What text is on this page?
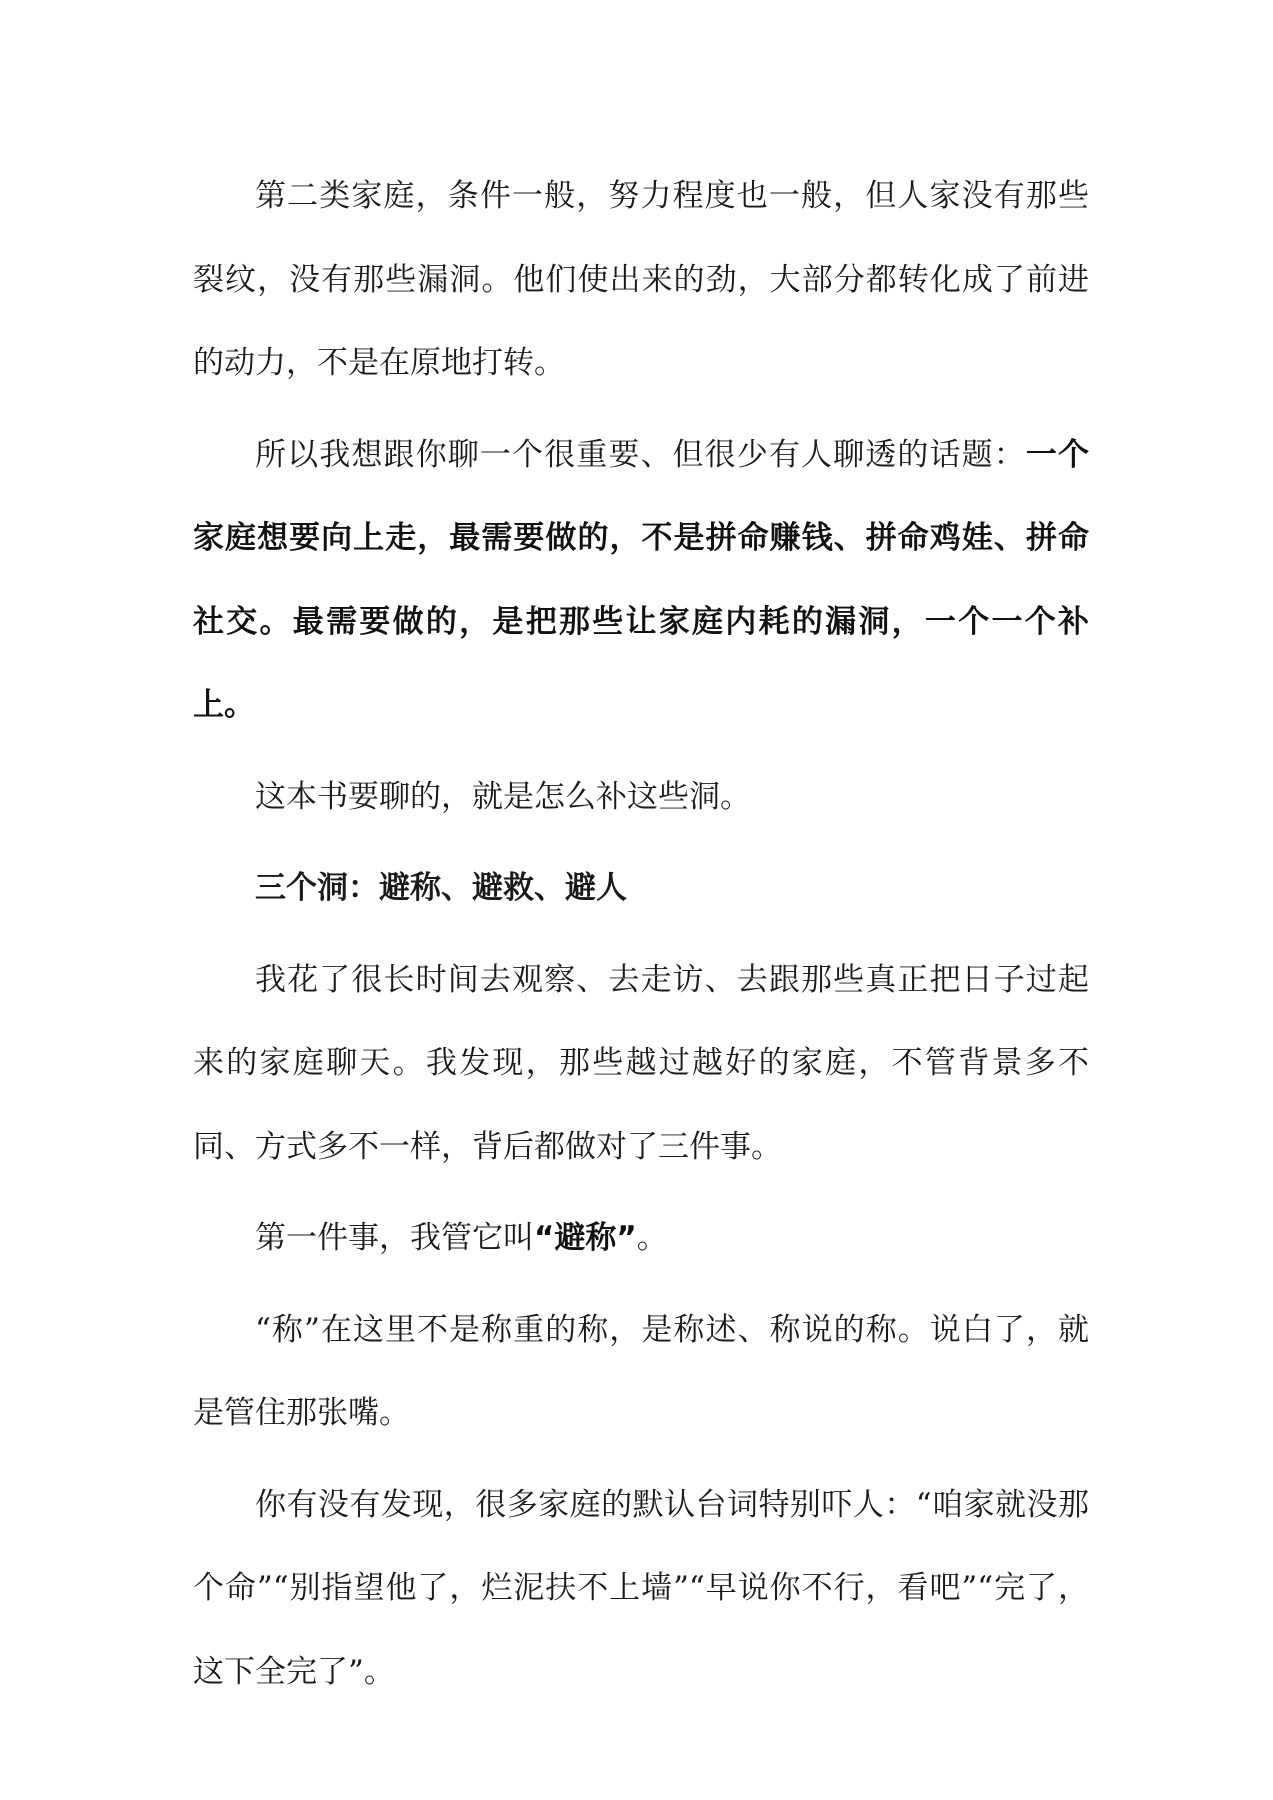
第二类家庭，条件一般，努力程度也一般，但人家没有那些裂纹，没有那些漏洞。他们使出来的劲，大部分都转化成了前进的动力，不是在原地打转。

所以我想跟你聊一个很重要、但很少有人聊透的话题：一个家庭想要向上走，最需要做的，不是拼命赚钱、拼命鸡娃、拼命社交。最需要做的，是把那些让家庭内耗的漏洞，一个一个补上。

这本书要聊的，就是怎么补这些洞。

三个洞：避称、避救、避人

我花了很长时间去观察、去走访、去跟那些真正把日子过起来的家庭聊天。我发现，那些越过越好的家庭，不管背景多不同、方式多不一样，背后都做对了三件事。

第一件事，我管它叫“避称”。

“称”在这里不是称重的称，是称述、称说的称。说白了，就是管住那张嘴。

你有没有发现，很多家庭的默认台词特别吓人：“咱家就没那个命”“别指望他了，烂泥扶不上墙”“早说你不行，看吧”“完了，这下全完了”。
